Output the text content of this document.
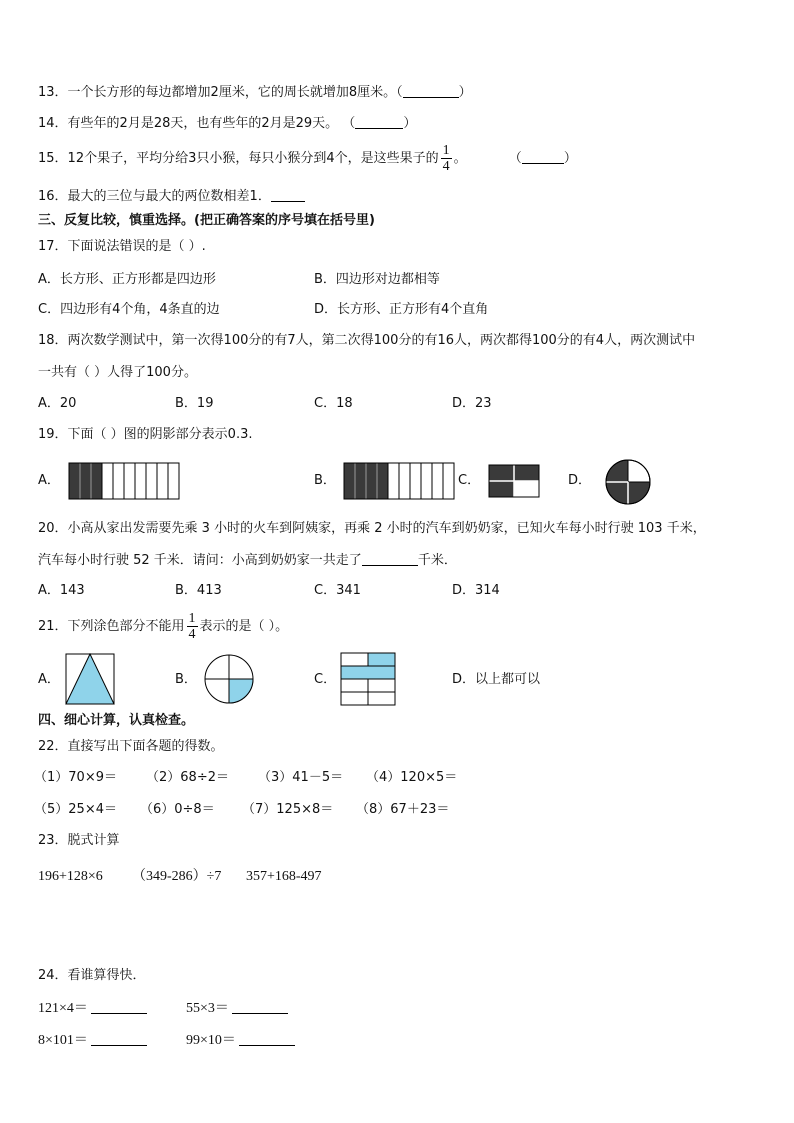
13．一个长方形的每边都增加2厘米，它的周长就增加8厘米。（	）
14．有些年的2月是28天，也有些年的2月是29天。 （	）
15．12个果子，平均分给3只小猴，每只小猴分到4个，是这些果子的 $\frac{1}{4}$ 。	（	）
16．最大的三位与最大的两位数相差1．
三、反复比较，慎重选择。(把正确答案的序号填在括号里)
17．下面说法错误的是（ ）.
A．长方形、正方形都是四边形	B．四边形对边都相等
C．四边形有4个角，4条直的边	D．长方形、正方形有4个直角
18．两次数学测试中，第一次得100分的有7人，第二次得100分的有16人，两次都得100分的有4人，两次测试中
一共有（ ）人得了100分。
A．20	B．19	C．18	D．23
19．下面（ ）图的阴影部分表示0.3.
A．	B．	C．	D．
20．小高从家出发需要先乘 3 小时的火车到阿姨家，再乘 2 小时的汽车到奶奶家，已知火车每小时行驶 103 千米，
汽车每小时行驶 52 千米．请问：小高到奶奶家一共走了	千米．
A．143	B．413	C．341	D．314
21．下列涂色部分不能用 $\frac{1}{4}$ 表示的是（ ）。
A．	B．	C．	D．以上都可以
四、细心计算，认真检查。
22．直接写出下面各题的得数。
（1）70×9＝ （2）68÷2＝ （3）41－5＝ （4）120×5＝
（5）25×4＝ （6）0÷8＝ （7）125×8＝ （8）67＋23＝
23．脱式计算
196+128×6 （349-286）÷7 357+168-497
24．看谁算得快．
121×4＝	55×3＝
8×101＝	99×10＝
